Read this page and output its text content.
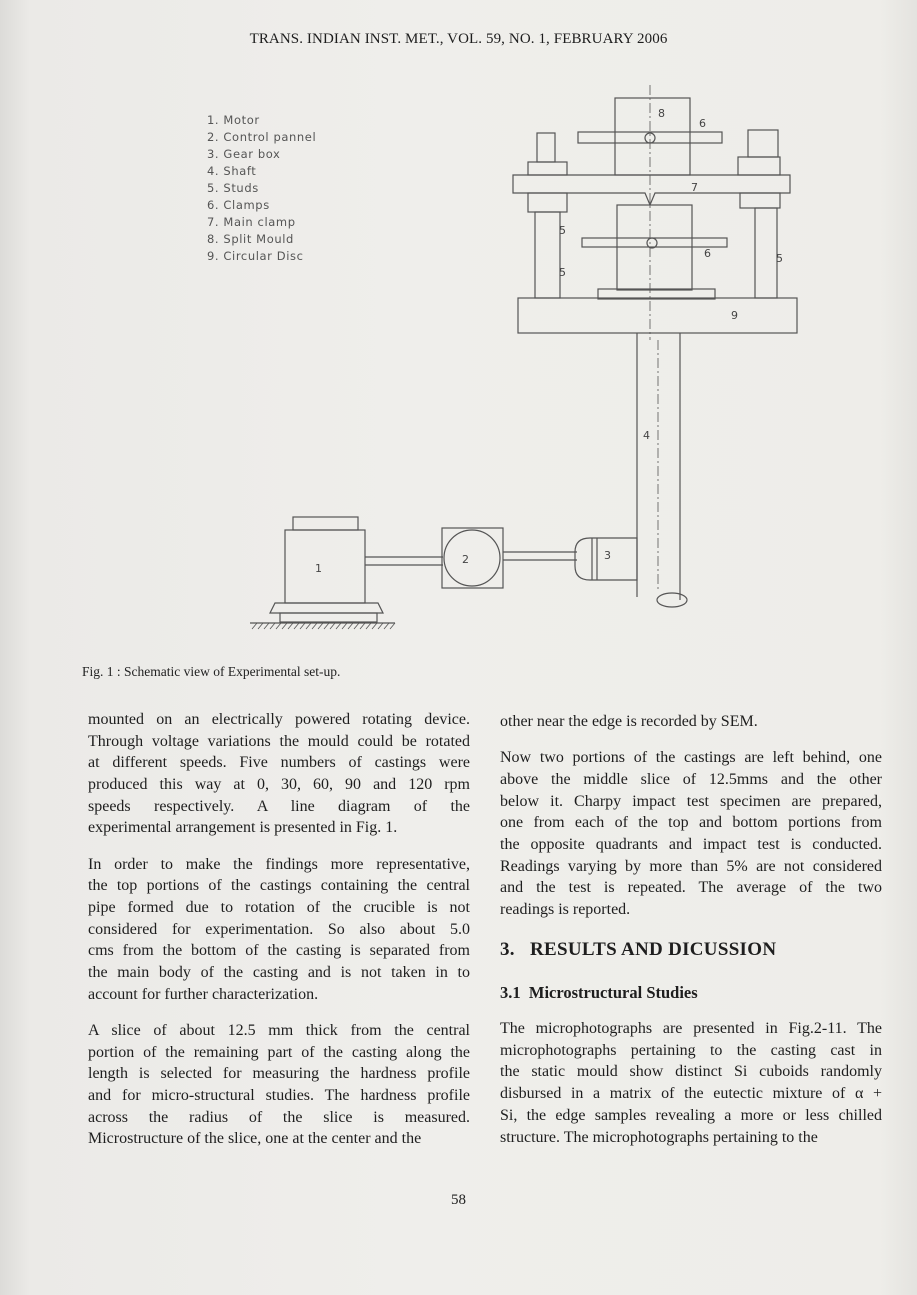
TRANS. INDIAN INST. MET., VOL. 59, NO. 1, FEBRUARY 2006
8
6
7
5
5
6	5
9
4
1
2	3
1. Motor
2. Control pannel
3. Gear box
4. Shaft
5. Studs
6. Clamps
7. Main clamp
8. Split Mould
9. Circular Disc
Fig. 1 : Schematic view of Experimental set-up.
mounted on an electrically powered rotating device.
Through voltage variations the mould could be rotated
at different speeds. Five numbers of castings were
produced this way at 0, 30, 60, 90 and 120 rpm
speeds respectively. A line diagram of the
experimental arrangement is presented in Fig. 1.
In order to make the findings more representative,
the top portions of the castings containing the central
pipe formed due to rotation of the crucible is not
considered for experimentation. So also about 5.0
cms from the bottom of the casting is separated from
the main body of the casting and is not taken in to
account for further characterization.
A slice of about 12.5 mm thick from the central
portion of the remaining part of the casting along the
length is selected for measuring the hardness profile
and for micro-structural studies. The hardness profile
across the radius of the slice is measured.
Microstructure of the slice, one at the center and the
other near the edge is recorded by SEM.
Now two portions of the castings are left behind, one
above the middle slice of 12.5mms and the other
below it. Charpy impact test specimen are prepared,
one from each of the top and bottom portions from
the opposite quadrants and impact test is conducted.
Readings varying by more than 5% are not considered
and the test is repeated. The average of the two
readings is reported.
3.   RESULTS AND DICUSSION
3.1  Microstructural Studies
The microphotographs are presented in Fig.2-11. The
microphotographs pertaining to the casting cast in
the static mould show distinct Si cuboids randomly
disbursed in a matrix of the eutectic mixture of α +
Si, the edge samples revealing a more or less chilled
structure. The microphotographs pertaining to the
58
